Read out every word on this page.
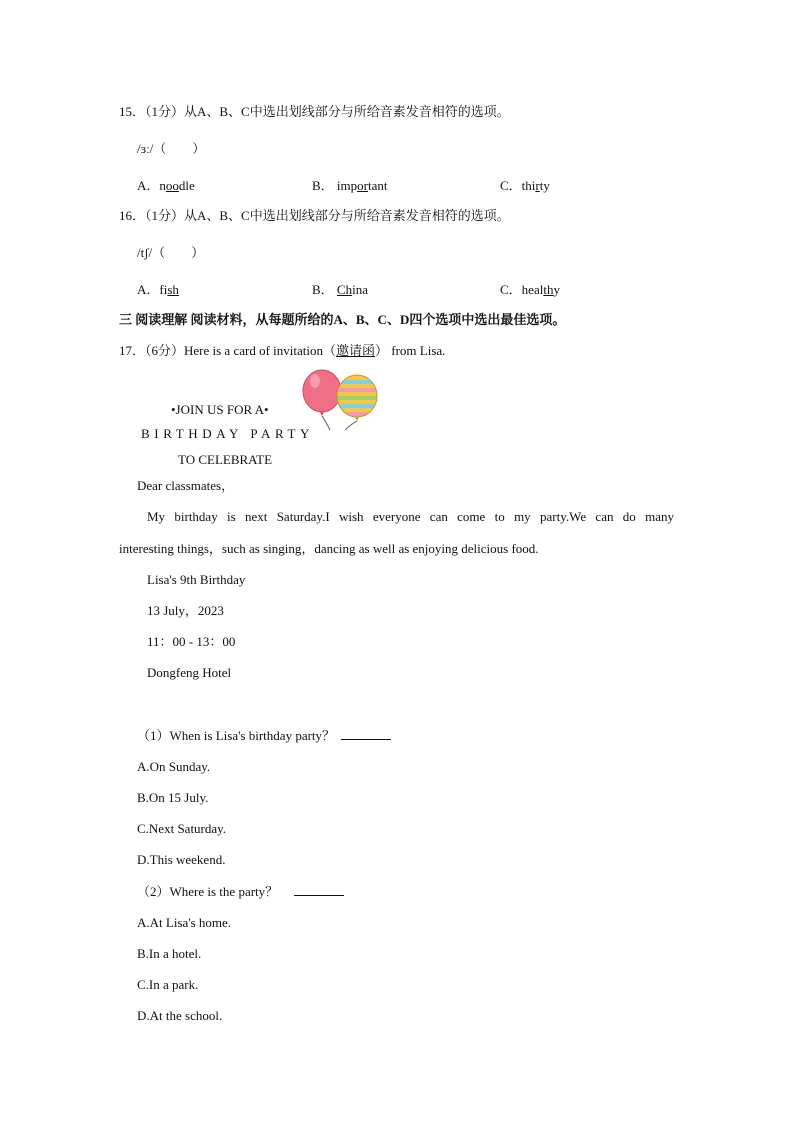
15．（1分）从A、B、C中选出划线部分与所给音素发音相符的选项。
/ɜː/（　　）
A．noodle	B． important	C．thirty
16．（1分）从A、B、C中选出划线部分与所给音素发音相符的选项。
/tʃ/（　　）
A．fish	B． China	C．healthy
三 阅读理解 阅读材料，从每题所给的A、B、C、D四个选项中选出最佳选项。
17．（6分）Here is a card of invitation（邀请函） from Lisa.
•JOIN US FOR A•
BIRTHDAY PARTY
TO CELEBRATE
Dear classmates，
My birthday is next Saturday.I wish everyone can come to my party.We can do many
interesting things，such as singing，dancing as well as enjoying delicious food.
Lisa's 9th Birthday
13 July，2023
11：00 - 13：00
Dongfeng Hotel
（1）When is Lisa's birthday party？
A.On Sunday.
B.On 15 July.
C.Next Saturday.
D.This weekend.
（2）Where is the party？
A.At Lisa's home.
B.In a hotel.
C.In a park.
D.At the school.
